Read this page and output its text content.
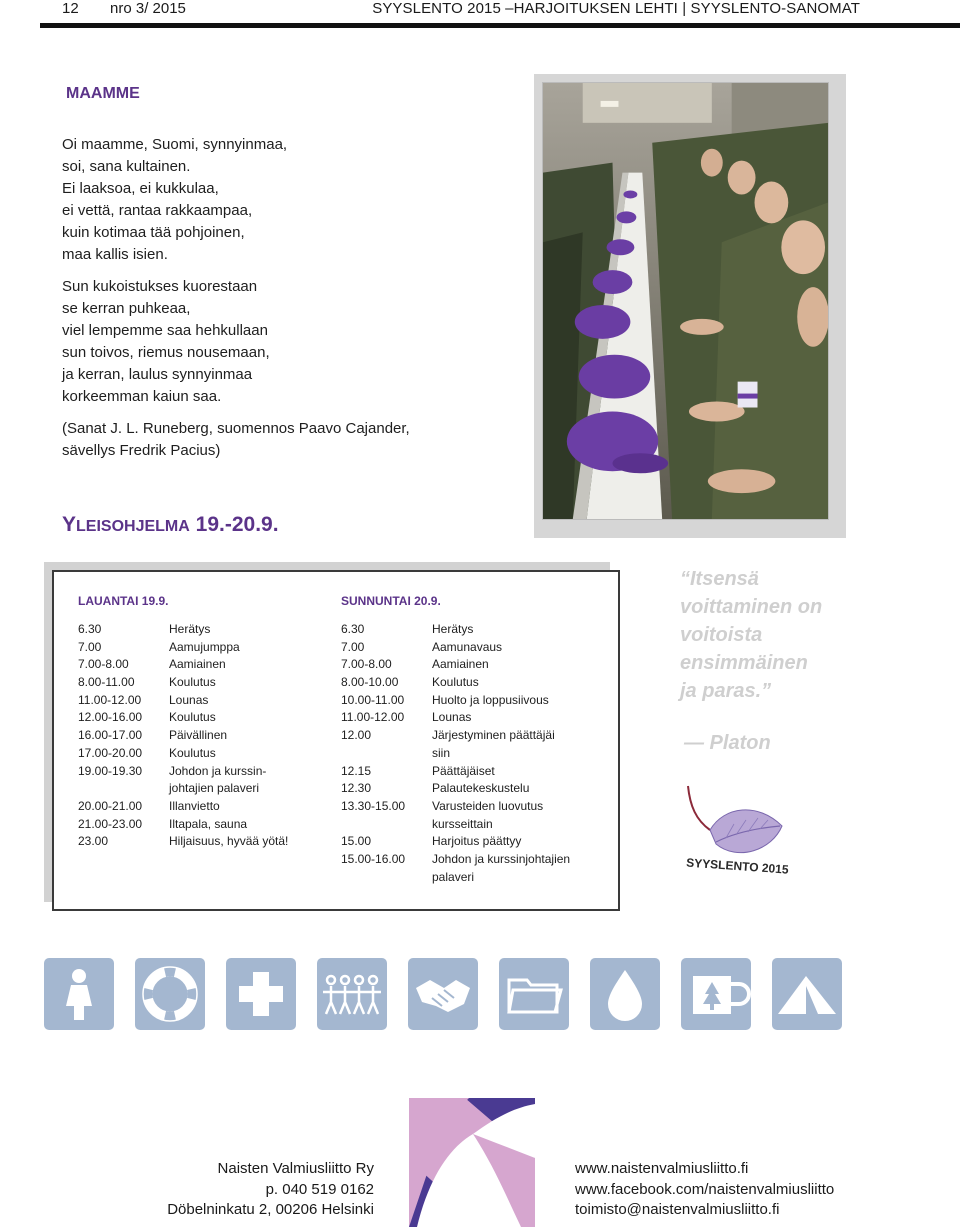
12 nro 3/ 2015	SYYSLENTO 2015 –HARJOITUKSEN LEHTI | SYYSLENTO-SANOMAT
MAAMME
Oi maamme, Suomi, synnyinmaa,
soi, sana kultainen.
Ei laaksoa, ei kukkulaa,
ei vettä, rantaa rakkaampaa,
kuin kotimaa tää pohjoinen,
maa kallis isien.
Sun kukoistukses kuorestaan
se kerran puhkeaa,
viel lempemme saa hehkullaan
sun toivos, riemus nousemaan,
ja kerran, laulus synnyinmaa
korkeemman kaiun saa.
(Sanat J. L. Runeberg, suomennos Paavo Cajander,
sävellys Fredrik Pacius)
YLEISOHJELMA 19.-20.9.
LAUANTAI 19.9.	SUNNUNTAI 20.9.
6.30	Herätys
7.00	Aamujumppa
7.00-8.00	Aamiainen
8.00-11.00	Koulutus
11.00-12.00 Lounas
12.00-16.00 Koulutus
16.00-17.00 Päivällinen
17.00-20.00 Koulutus
19.00-19.30 Johdon ja kurssin-
johtajien palaveri
20.00-21.00 Illanvietto
21.00-23.00 Iltapala, sauna
23.00	Hiljaisuus, hyvää yötä!
6.30	Herätys
7.00	Aamunavaus
7.00-8.00	Aamiainen
8.00-10.00	Koulutus
10.00-11.00 Huolto ja loppusiivous
11.00-12.00 Lounas
12.00	Järjestyminen päättäjäi
siin
12.15	Päättäjäiset
12.30	Palautekeskustelu
13.30-15.00 Varusteiden luovutus
kursseittain
15.00	Harjoitus päättyy
15.00-16.00 Johdon ja kurssinjohtajien
palaveri
“Itsensä
voittaminen on
voitoista
ensimmäinen
ja paras.”
— Platon
SYYSLENTO 2015
Naisten Valmiusliitto Ry
p. 040 519 0162
Döbelninkatu 2, 00206 Helsinki
www.naistenvalmiusliitto.fi
www.facebook.com/naistenvalmiusliitto
toimisto@naistenvalmiusliitto.fi
